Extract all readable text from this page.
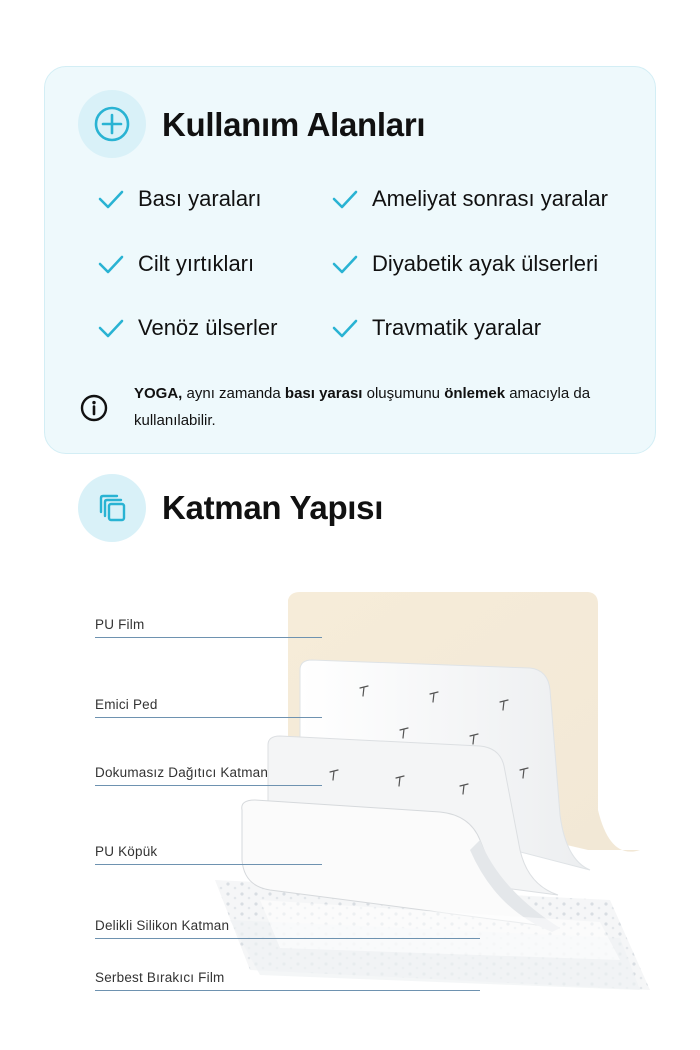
Kullanım Alanları
Bası yaraları
Cilt yırtıkları
Venöz ülserler
Ameliyat sonrası yaralar
Diyabetik ayak ülserleri
Travmatik yaralar
YOGA, aynı zamanda bası yarası oluşumunu önlemek amacıyla da kullanılabilir.
Katman Yapısı
PU Film
Emici Ped
Dokumasız Dağıtıcı Katman
PU Köpük
Delikli Silikon Katman
Serbest Bırakıcı Film
